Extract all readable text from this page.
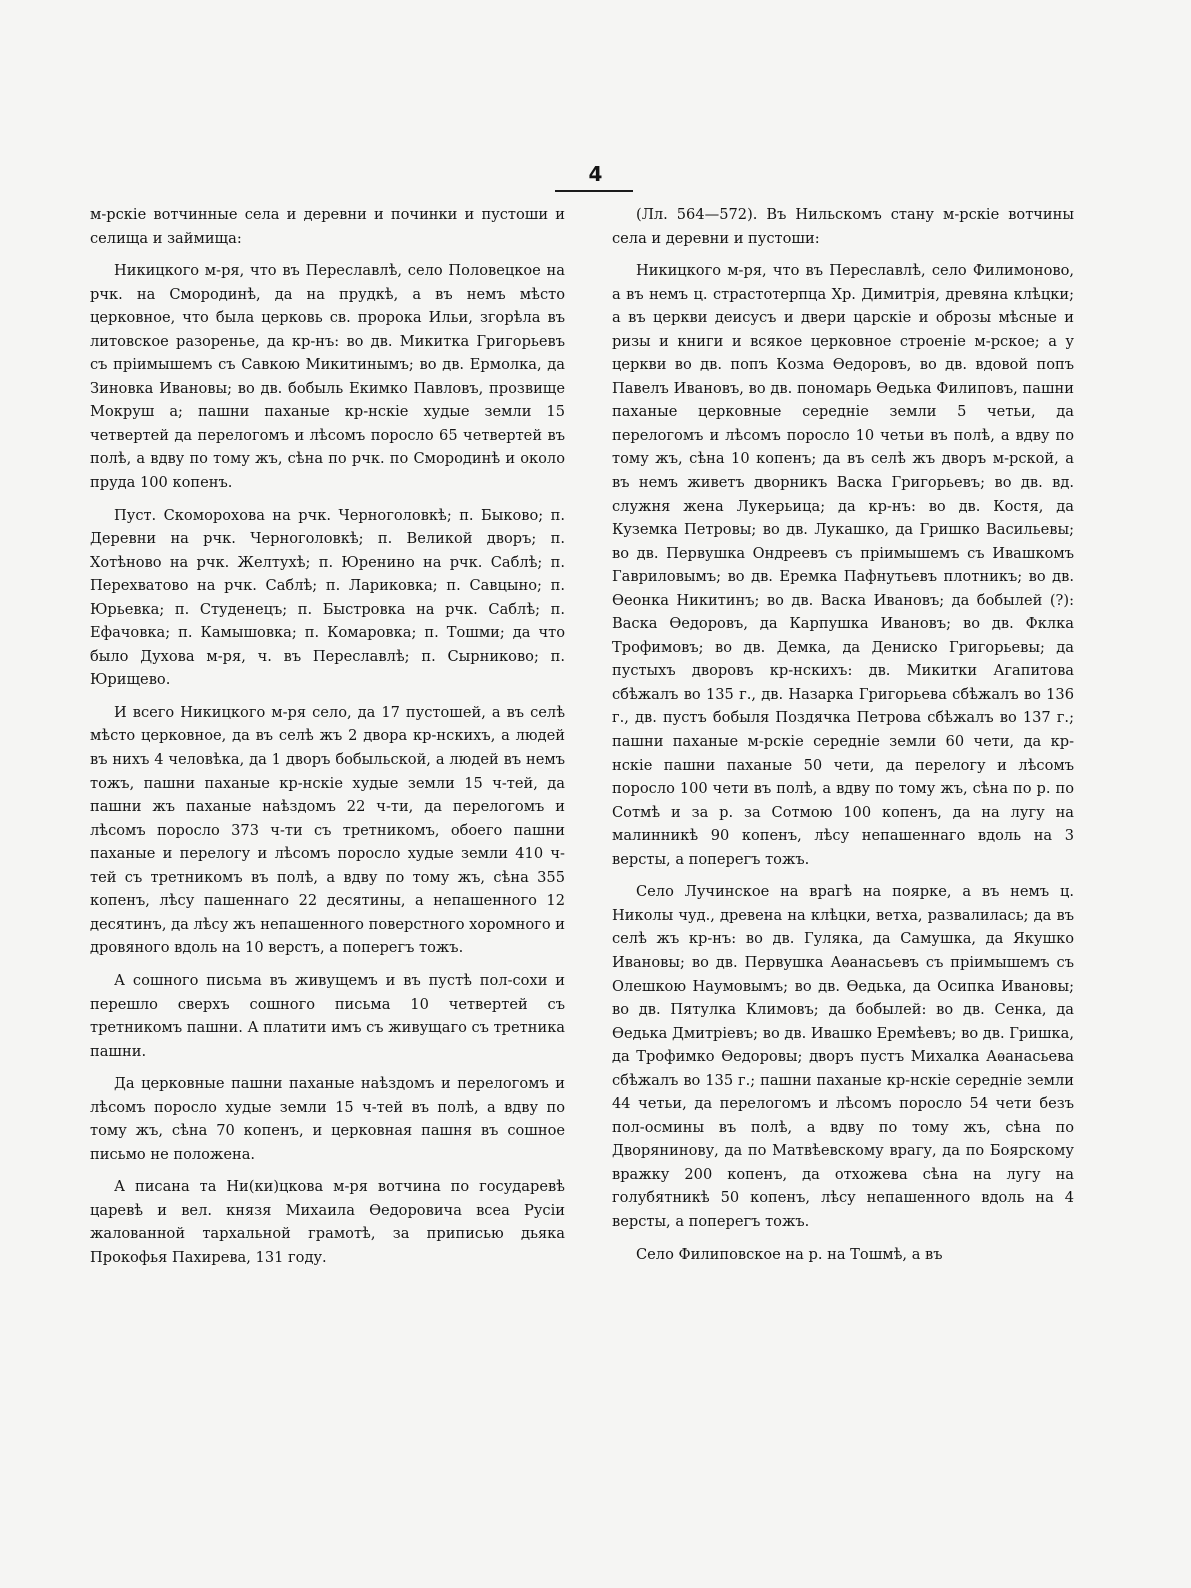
4

м-рскіе вотчинные села и деревни и починки и пустоши и селища и займища:

Никицкого м-ря, что въ Переславлѣ, село Половецкое на рчк. на Смородинѣ, да на прудкѣ, а въ немъ мѣсто церковное, что была церковь св. пророка Ильи, згорѣла въ литовское разоренье, да кр-нъ: во дв. Микитка Григорьевъ съ пріимышемъ съ Савкою Микитинымъ; во дв. Ермолка, да Зиновка Ивановы; во дв. бобыль Екимко Павловъ, прозвище Мокруш а; пашни паханые кр-нскіе худые земли 15 четвертей да перелогомъ и лѣсомъ поросло 65 четвертей въ полѣ, а вдву по тому жъ, сѣна по рчк. по Смородинѣ и около пруда 100 копенъ.

Пуст. Скоморохова на рчк. Черноголовкѣ; п. Быково; п. Деревни на рчк. Черноголовкѣ; п. Великой дворъ; п. Хотѣново на рчк. Желтухѣ; п. Юренино на рчк. Саблѣ; п. Перехватово на рчк. Саблѣ; п. Лариковка; п. Савцыно; п. Юрьевка; п. Студенецъ; п. Быстровка на рчк. Саблѣ; п. Ефачовка; п. Камышовка; п. Комаровка; п. Тошми; да что было Духова м-ря, ч. въ Переславлѣ; п. Сырниково; п. Юрищево.

И всего Никицкого м-ря село, да 17 пустошей, а въ селѣ мѣсто церковное, да въ селѣ жъ 2 двора кр-нскихъ, а людей въ нихъ 4 человѣка, да 1 дворъ бобыльской, а людей въ немъ тожъ, пашни паханые кр-нскіе худые земли 15 ч-тей, да пашни жъ паханые наѣздомъ 22 ч-ти, да перелогомъ и лѣсомъ поросло 373 ч-ти съ третникомъ, обоего пашни паханые и перелогу и лѣсомъ поросло худые земли 410 ч-тей съ третникомъ въ полѣ, а вдву по тому жъ, сѣна 355 копенъ, лѣсу пашеннаго 22 десятины, а непашенного 12 десятинъ, да лѣсу жъ непашенного поверстного хоромного и дровяного вдоль на 10 верстъ, а поперегъ тожъ.

А сошного письма въ живущемъ и въ пустѣ пол-сохи и перешло сверхъ сошного письма 10 четвертей съ третникомъ пашни. А платити имъ съ живущаго съ третника пашни.

Да церковные пашни паханые наѣздомъ и перелогомъ и лѣсомъ поросло худые земли 15 ч-тей въ полѣ, а вдву по тому жъ, сѣна 70 копенъ, и церковная пашня въ сошное письмо не положена.

А писана та Ни(ки)цкова м-ря вотчина по государевѣ царевѣ и вел. князя Михаила Ѳедоровича всеа Русіи жалованной тархальной грамотѣ, за приписью дьяка Прокофья Пахирева, 131 году.

(Лл. 564—572). Въ Нильскомъ стану м-рскіе вотчины села и деревни и пустоши:

Никицкого м-ря, что въ Переславлѣ, село Филимоново, а въ немъ ц. страстотерпца Хр. Димитрія, древяна клѣцки; а въ церкви деисусъ и двери царскіе и оброзы мѣсные и ризы и книги и всякое церковное строеніе м-рское; а у церкви во дв. попъ Козма Ѳедоровъ, во дв. вдовой попъ Павелъ Ивановъ, во дв. пономарь Ѳедька Филиповъ, пашни паханые церковные середніе земли 5 четьи, да перелогомъ и лѣсомъ поросло 10 четьи въ полѣ, а вдву по тому жъ, сѣна 10 копенъ; да въ селѣ жъ дворъ м-рской, а въ немъ живетъ дворникъ Васка Григорьевъ; во дв. вд. служня жена Лукерьица; да кр-нъ: во дв. Костя, да Куземка Петровы; во дв. Лукашко, да Гришко Васильевы; во дв. Первушка Ондреевъ съ пріимышемъ съ Ивашкомъ Гавриловымъ; во дв. Еремка Пафнутьевъ плотникъ; во дв. Ѳеонка Никитинъ; во дв. Васка Ивановъ; да бобылей (?): Васка Ѳедоровъ, да Карпушка Ивановъ; во дв. Фклка Трофимовъ; во дв. Демка, да Дениско Григорьевы; да пустыхъ дворовъ кр-нскихъ: дв. Микитки Агапитова сбѣжалъ во 135 г., дв. Назарка Григорьева сбѣжалъ во 136 г., дв. пустъ бобыля Поздячка Петрова сбѣжалъ во 137 г.; пашни паханые м-рскіе середніе земли 60 чети, да кр-нскіе пашни паханые 50 чети, да перелогу и лѣсомъ поросло 100 чети въ полѣ, а вдву по тому жъ, сѣна по р. по Сотмѣ и за р. за Сотмою 100 копенъ, да на лугу на малинникѣ 90 копенъ, лѣсу непашеннаго вдоль на 3 версты, а поперегъ тожъ.

Село Лучинское на врагѣ на поярке, а въ немъ ц. Николы чуд., древена на клѣцки, ветха, развалилась; да въ селѣ жъ кр-нъ: во дв. Гуляка, да Самушка, да Якушко Ивановы; во дв. Первушка Аѳанасьевъ съ пріимышемъ съ Олешкою Наумовымъ; во дв. Ѳедька, да Осипка Ивановы; во дв. Пятулка Климовъ; да бобылей: во дв. Сенка, да Ѳедька Дмитріевъ; во дв. Ивашко Еремѣевъ; во дв. Гришка, да Трофимко Ѳедоровы; дворъ пустъ Михалка Аѳанасьева сбѣжалъ во 135 г.; пашни паханые кр-нскіе середніе земли 44 четьи, да перелогомъ и лѣсомъ поросло 54 чети безъ пол-осмины въ полѣ, а вдву по тому жъ, сѣна по Дворянинову, да по Матвѣевскому врагу, да по Боярскому вражку 200 копенъ, да отхожева сѣна на лугу на голубятникѣ 50 копенъ, лѣсу непашенного вдоль на 4 версты, а поперегъ тожъ.

Село Филиповское на р. на Тошмѣ, а въ
